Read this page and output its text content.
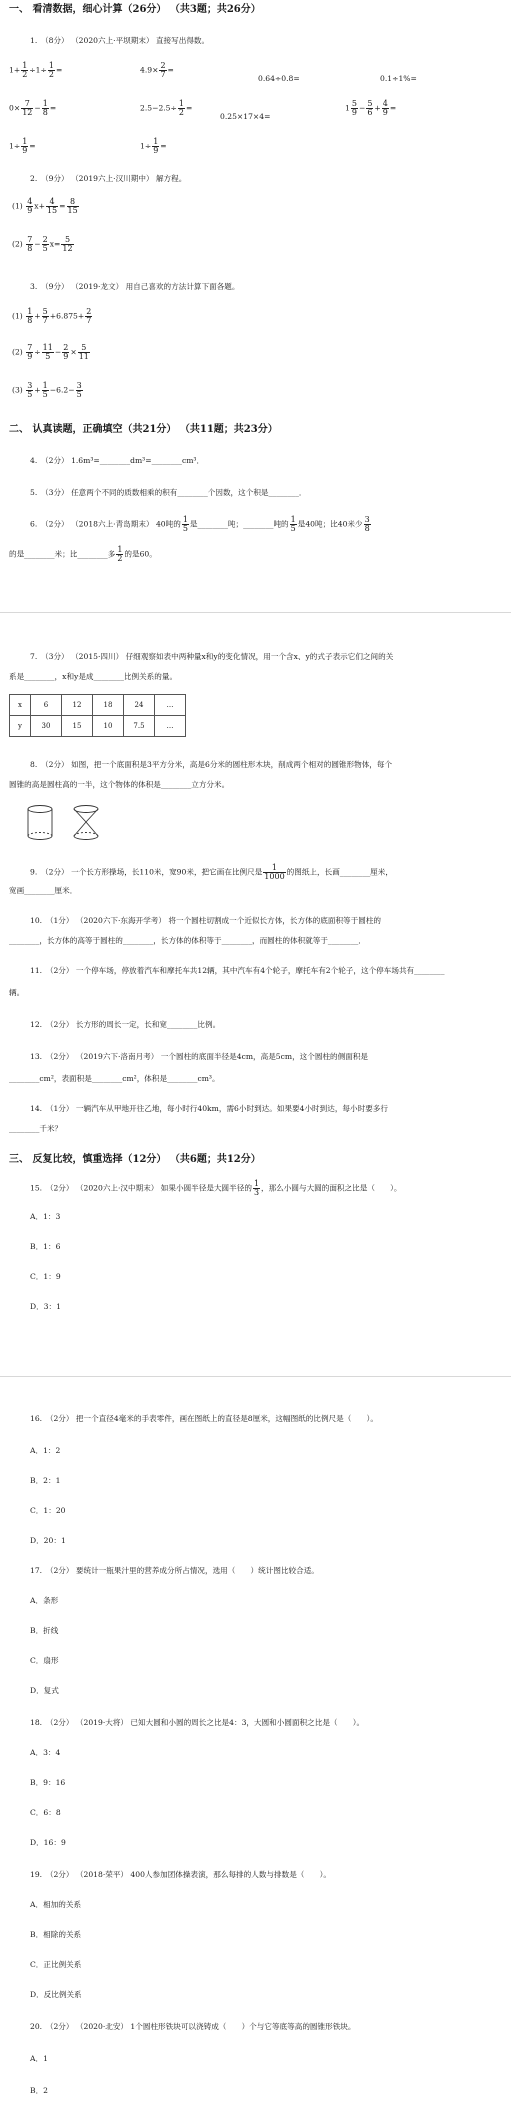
一、 看清数据，细心计算（26分） （共3题；共26分）
1.　（8分） （2020六上·平坝期末） 直接写出得数。
$1+ \frac{1}{2} \div 1\div \frac{1}{2}$ =	$4.9\times \frac{2}{7}$ =
0.64÷0.8=	0.1÷1%=
$0\times \frac{7}{12} - \frac{1}{8}$ =	$2.5-2.5\div \frac{1}{2}$ =
0.25×17×4=
$1 \frac{5}{9} - \frac{5}{6} + \frac{4}{9}$ =
$1\div \frac{1}{9}$ =	$1\div \frac{1}{9}$ =
2.　（9分） （2019六上·汉川期中） 解方程。
$(1) \frac{4}{9} x+ \frac{4}{15} = \frac{8}{15}$
$(2) \frac{7}{8} - \frac{2}{5} x= \frac{5}{12}$
3.　（9分） （2019·龙文） 用自己喜欢的方法计算下面各题。
$(1) \frac{1}{8} + \frac{5}{7} +6.875+ \frac{2}{7}$
$(2) \frac{7}{9} \div \frac{11}{5} - \frac{2}{9} \times \frac{5}{11}$
$(3) \frac{3}{5} + \frac{1}{5} -6.2- \frac{3}{5}$
二、 认真读题，正确填空（共21分） （共11题；共23分）
4.　（2分） 1.6m³=________dm³=________cm³．
5.　（3分） 任意两个不同的质数相乘的积有________个因数，这个积是________．
6.　（2分） （2018六上·青岛期末） 40吨的 $\frac{1}{5}$ 是________吨；________吨的 $\frac{1}{5}$ 是40吨；比40米少 $\frac{3}{8}$
的是________米；比________多 $\frac{1}{2}$ 的是60。
7.　（3分） （2015·四川） 仔细观察如表中两种量x和y的变化情况，用一个含x、y的式子表示它们之间的关
系是________，x和y是成________比例关系的量。
x	6	12	18	24	…
y	30	15	10	7.5	…
8.　（2分） 如图，把一个底面积是3平方分米，高是6分米的圆柱形木块，削成两个相对的圆锥形物体，每个
圆锥的高是圆柱高的一半，这个物体的体积是________立方分米。
9.　（2分） 一个长方形操场，长110米，宽90米，把它画在比例尺是 $\frac{1}{1000}$ 的图纸上，长画________厘米，
宽画________厘米．
10.　（1分） （2020六下·东海开学考） 将一个圆柱切割成一个近似长方体，长方体的底面积等于圆柱的
________，长方体的高等于圆柱的________，长方体的体积等于________，而圆柱的体积就等于________．
11.　（2分） 一个停车场，停放着汽车和摩托车共12辆，其中汽车有4个轮子，摩托车有2个轮子，这个停车场共有________
辆。
12.　（2分） 长方形的周长一定，长和宽________比例。
13.　（2分） （2019六下·洛南月考） 一个圆柱的底面半径是4cm，高是5cm，这个圆柱的侧面积是
________cm²，表面积是________cm²，体积是________cm³。
14.　（1分） 一辆汽车从甲地开往乙地，每小时行40km，需6小时到达。如果要4小时到达，每小时要多行
________千米？
三、 反复比较，慎重选择（12分） （共6题；共12分）
15.　（2分） （2020六上·汉中期末） 如果小圆半径是大圆半径的 $\frac{1}{3}$ ，那么小圆与大圆的面积之比是（　　）。
A．1：3
B．1：6
C．1：9
D．3：1
16.　（2分） 把一个直径4毫米的手表零件，画在图纸上的直径是8厘米，这幅图纸的比例尺是（　　）。
A．1：2
B．2：1
C．1：20
D．20：1
17.　（2分） 要统计一瓶果汁里的营养成分所占情况，选用（　　）统计图比较合适。
A．条形
B．折线
C．扇形
D．复式
18.　（2分） （2019·大将） 已知大圆和小圆的周长之比是4：3，大圆和小圆面积之比是（　　）。
A．3：4
B．9：16
C．6：8
D．16：9
19.　（2分） （2018·荣平） 400人参加团体操表演，那么每排的人数与排数是（　　）。
A．相加的关系
B．相除的关系
C．正比例关系
D．反比例关系
20.　（2分） （2020·北安） 1个圆柱形铁块可以浇铸成（　　）个与它等底等高的圆锥形铁块。
A．1
B．2
